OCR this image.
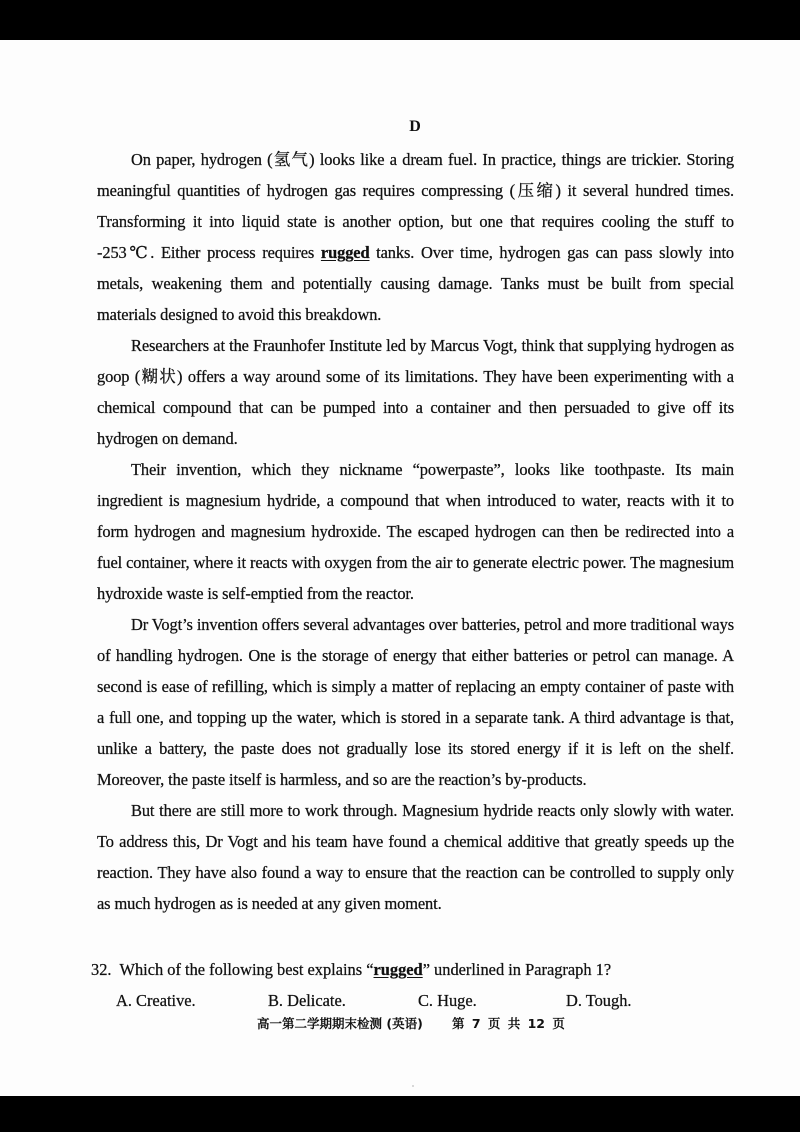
D

On paper, hydrogen (氢气) looks like a dream fuel. In practice, things are trickier. Storing meaningful quantities of hydrogen gas requires compressing (压缩) it several hundred times. Transforming it into liquid state is another option, but one that requires cooling the stuff to -253℃. Either process requires rugged tanks. Over time, hydrogen gas can pass slowly into metals, weakening them and potentially causing damage. Tanks must be built from special materials designed to avoid this breakdown.

Researchers at the Fraunhofer Institute led by Marcus Vogt, think that supplying hydrogen as goop (糊状) offers a way around some of its limitations. They have been experimenting with a chemical compound that can be pumped into a container and then persuaded to give off its hydrogen on demand.

Their invention, which they nickname “powerpaste”, looks like toothpaste. Its main ingredient is magnesium hydride, a compound that when introduced to water, reacts with it to form hydrogen and magnesium hydroxide. The escaped hydrogen can then be redirected into a fuel container, where it reacts with oxygen from the air to generate electric power. The magnesium hydroxide waste is self-emptied from the reactor.

Dr Vogt’s invention offers several advantages over batteries, petrol and more traditional ways of handling hydrogen. One is the storage of energy that either batteries or petrol can manage. A second is ease of refilling, which is simply a matter of replacing an empty container of paste with a full one, and topping up the water, which is stored in a separate tank. A third advantage is that, unlike a battery, the paste does not gradually lose its stored energy if it is left on the shelf. Moreover, the paste itself is harmless, and so are the reaction’s by-products.

But there are still more to work through. Magnesium hydride reacts only slowly with water. To address this, Dr Vogt and his team have found a chemical additive that greatly speeds up the reaction. They have also found a way to ensure that the reaction can be controlled to supply only as much hydrogen as is needed at any given moment.

32. Which of the following best explains “rugged” underlined in Paragraph 1?
A. Creative.	B. Delicate.	C. Huge.	D. Tough.
高一第二学期期末检测 (英语) 第 7 页 共 12 页
